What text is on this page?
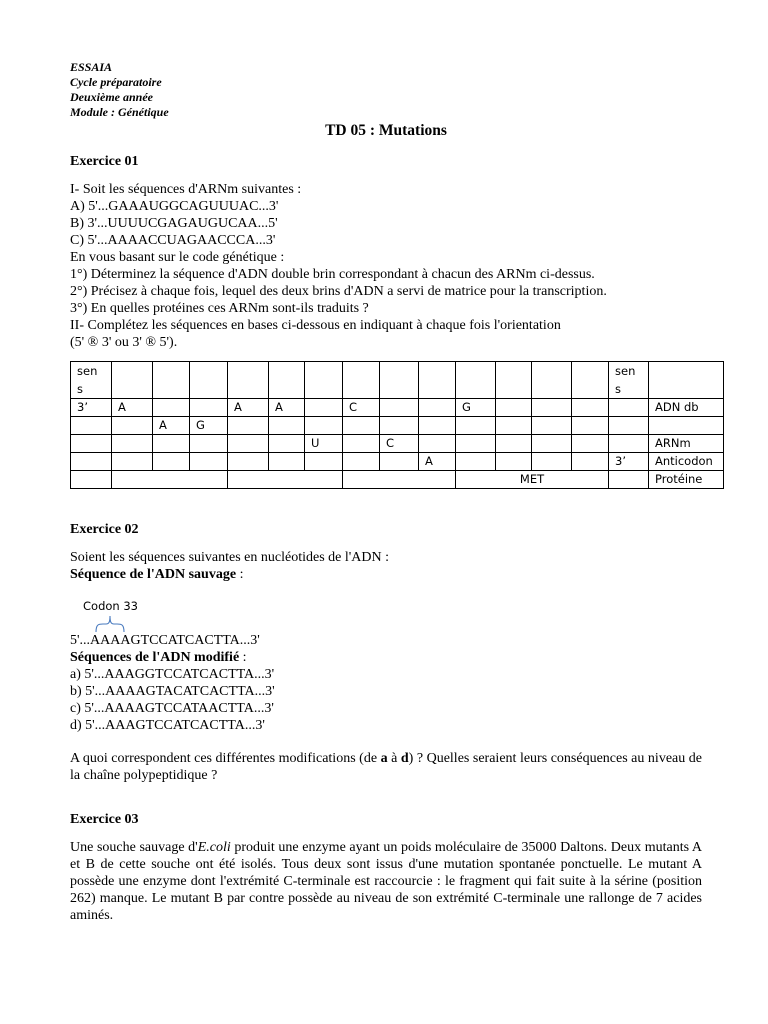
ESSAIA
Cycle préparatoire
Deuxième année
Module : Génétique
TD 05 : Mutations
Exercice 01
I- Soit les séquences d'ARNm suivantes :
A) 5'...GAAAUGGCAGUUUAC...3'
B) 3'...UUUUCGAGAUGUCAA...5'
C) 5'...AAAACCUAGAACCCA...3'
En vous basant sur le code génétique :
1°) Déterminez la séquence d'ADN double brin correspondant à chacun des ARNm ci-dessus.
2°) Précisez à chaque fois, lequel des deux brins d'ADN a servi de matrice pour la transcription.
3°) En quelles protéines ces ARNm sont-ils traduits ?
II- Complétez les séquences en bases ci-dessous en indiquant à chaque fois l'orientation
(5' ® 3' ou 3' ® 5').
sen
s														sen
s	
3’	A			A	A		C			G					ADN db
		A	G												
						U		C							ARNm
									A					3’	Anticodon
										MET					Protéine
Exercice 02
Soient les séquences suivantes en nucléotides de l'ADN :
Séquence de l'ADN sauvage :
Codon 33
5'...AAAAGTCCATCACTTA...3'
Séquences de l'ADN modifié :
a) 5'...AAAGGTCCATCACTTA...3'
b) 5'...AAAAGTACATCACTTA...3'
c) 5'...AAAAGTCCATAACTTA...3'
d) 5'...AAAGTCCATCACTTA...3'
A quoi correspondent ces différentes modifications (de a à d) ? Quelles seraient leurs conséquences au niveau de la chaîne polypeptidique ?
Exercice 03
Une souche sauvage d'E.coli produit une enzyme ayant un poids moléculaire de 35000 Daltons. Deux mutants A et B de cette souche ont été isolés. Tous deux sont issus d'une mutation spontanée ponctuelle. Le mutant A possède une enzyme dont l'extrémité C-terminale est raccourcie : le fragment qui fait suite à la sérine (position 262) manque. Le mutant B par contre possède au niveau de son extrémité C-terminale une rallonge de 7 acides aminés.
